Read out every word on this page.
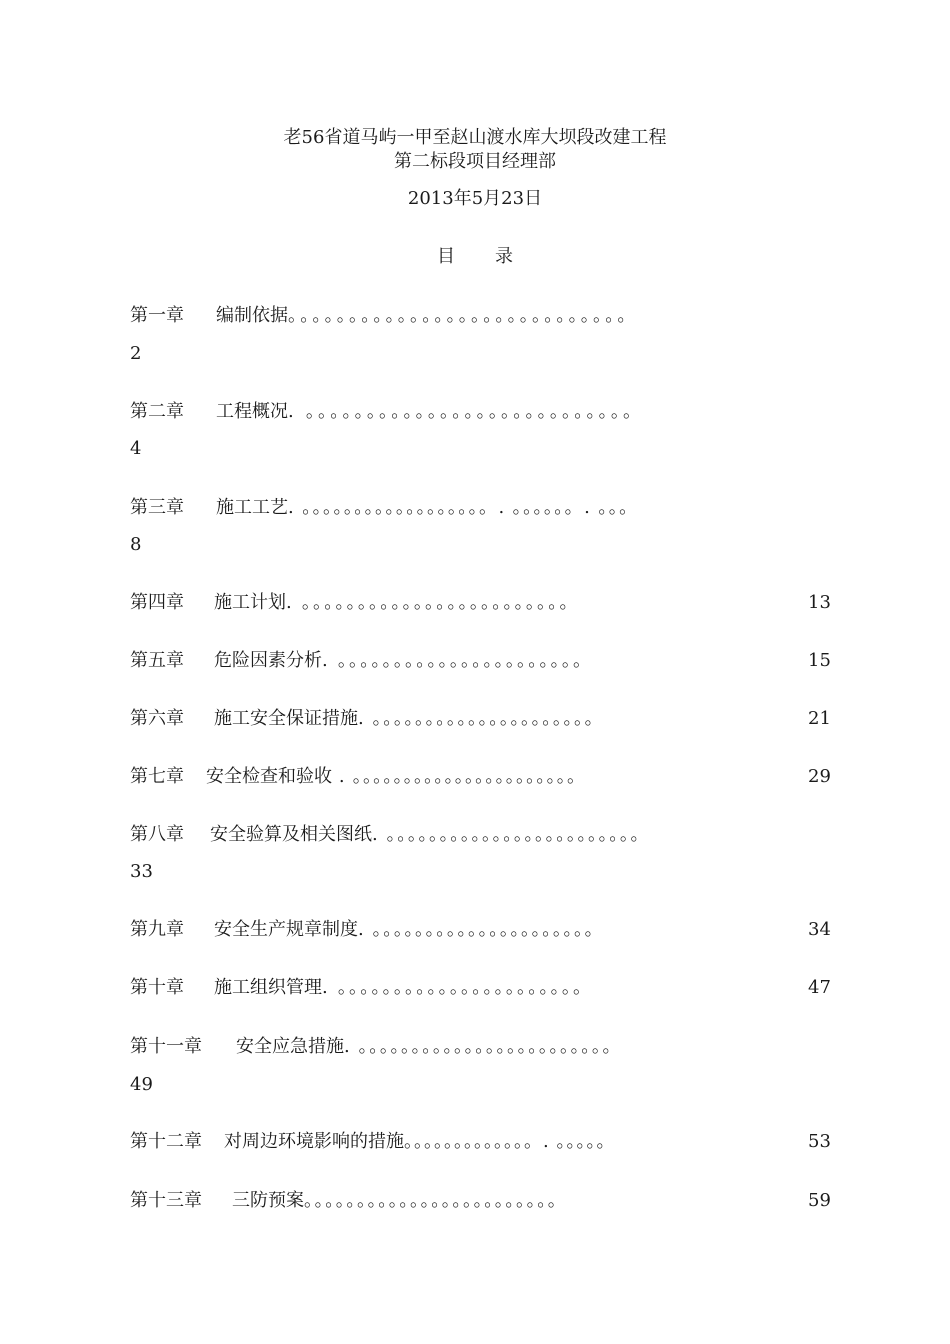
老56省道马屿一甲至赵山渡水库大坝段改建工程
第二标段项目经理部
2013年5月23日
目 录
第一章 编制依据。。。。。。。。。。。。。。。。。。。。。。。。。。。。
2
第二章 工程概况. 。。。。。。。。。。。。。。。。。。。。。。。。。。。
4
第三章 施工工艺. 。。。。。。。。。。。。。。。。。。. 。。。。。。. 。。。
8
第四章 施工计划. 。。。。。。。。。。。。。。。。。。。。。。。。	13
第五章 危险因素分析. 。。。。。。。。。。。。。。。。。。。。。。	15
第六章 施工安全保证措施. 。。。。。。。。。。。。。。。。。。。。。	21
第七章 安全检查和验收 . 。。。。。。。。。。。。。。。。。。。。。。	29
第八章 安全验算及相关图纸. 。。。。。。。。。。。。。。。。。。。。。。。。
33
第九章 安全生产规章制度. 。。。。。。。。。。。。。。。。。。。。。	34
第十章 施工组织管理. 。。。。。。。。。。。。。。。。。。。。。。	47
第十一章 安全应急措施. 。。。。。。。。。。。。。。。。。。。。。。。。
49
第十二章 对周边环境影响的措施。。。。。。。。。。。。。. 。。。。。	53
第十三章 三防预案。。。。。。。。。。。。。。。。。。。。。。。。	59
